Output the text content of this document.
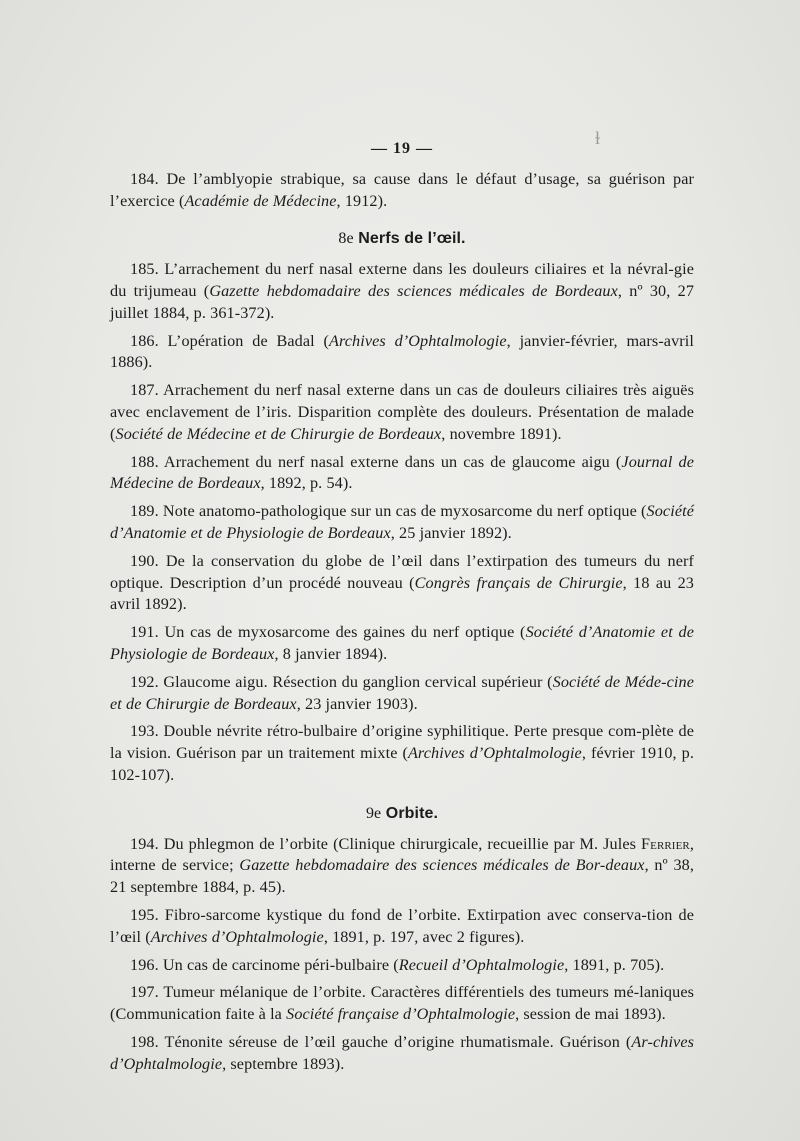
ɫ

— 19 —

184. De l’amblyopie strabique, sa cause dans le défaut d’usage, sa guérison par l’exercice (Académie de Médecine, 1912).

8e Nerfs de l’œil.

185. L’arrachement du nerf nasal externe dans les douleurs ciliaires et la névral-gie du trijumeau (Gazette hebdomadaire des sciences médicales de Bordeaux, nº 30, 27 juillet 1884, p. 361-372).

186. L’opération de Badal (Archives d’Ophtalmologie, janvier-février, mars-avril 1886).

187. Arrachement du nerf nasal externe dans un cas de douleurs ciliaires très aiguës avec enclavement de l’iris. Disparition complète des douleurs. Présentation de malade (Société de Médecine et de Chirurgie de Bordeaux, novembre 1891).

188. Arrachement du nerf nasal externe dans un cas de glaucome aigu (Journal de Médecine de Bordeaux, 1892, p. 54).

189. Note anatomo-pathologique sur un cas de myxosarcome du nerf optique (Société d’Anatomie et de Physiologie de Bordeaux, 25 janvier 1892).

190. De la conservation du globe de l’œil dans l’extirpation des tumeurs du nerf optique. Description d’un procédé nouveau (Congrès français de Chirurgie, 18 au 23 avril 1892).

191. Un cas de myxosarcome des gaines du nerf optique (Société d’Anatomie et de Physiologie de Bordeaux, 8 janvier 1894).

192. Glaucome aigu. Résection du ganglion cervical supérieur (Société de Méde-cine et de Chirurgie de Bordeaux, 23 janvier 1903).

193. Double névrite rétro-bulbaire d’origine syphilitique. Perte presque com-plète de la vision. Guérison par un traitement mixte (Archives d’Ophtalmologie, février 1910, p. 102-107).

9e Orbite.

194. Du phlegmon de l’orbite (Clinique chirurgicale, recueillie par M. Jules Ferrier, interne de service; Gazette hebdomadaire des sciences médicales de Bor-deaux, nº 38, 21 septembre 1884, p. 45).

195. Fibro-sarcome kystique du fond de l’orbite. Extirpation avec conserva-tion de l’œil (Archives d’Ophtalmologie, 1891, p. 197, avec 2 figures).

196. Un cas de carcinome péri-bulbaire (Recueil d’Ophtalmologie, 1891, p. 705).

197. Tumeur mélanique de l’orbite. Caractères différentiels des tumeurs mé-laniques (Communication faite à la Société française d’Ophtalmologie, session de mai 1893).

198. Ténonite séreuse de l’œil gauche d’origine rhumatismale. Guérison (Ar-chives d’Ophtalmologie, septembre 1893).
